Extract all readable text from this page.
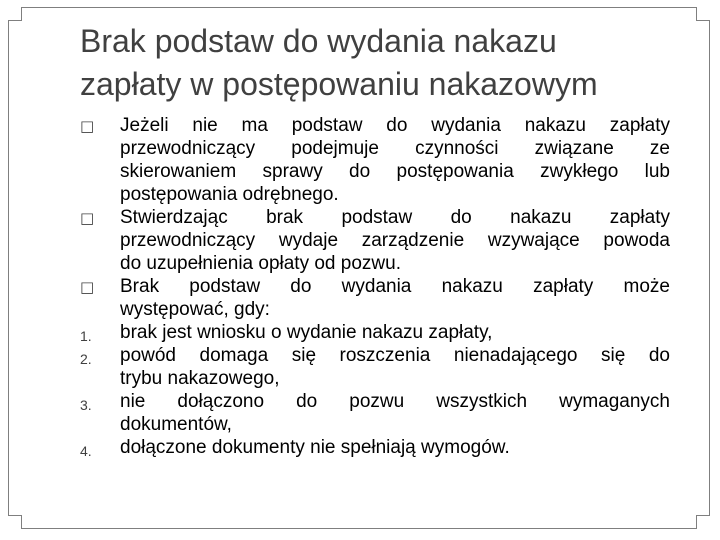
Brak podstaw do wydania nakazu
zapłaty w postępowaniu nakazowym
□	Jeżeli nie ma podstaw do wydania nakazu zapłaty
przewodniczący podejmuje czynności związane ze
skierowaniem sprawy do postępowania zwykłego lub
postępowania odrębnego.
□	Stwierdzając brak podstaw do nakazu zapłaty
przewodniczący wydaje zarządzenie wzywające powoda
do uzupełnienia opłaty od pozwu.
□	Brak podstaw do wydania nakazu zapłaty może
występować, gdy:
1.	brak jest wniosku o wydanie nakazu zapłaty,
2.	powód domaga się roszczenia nienadającego się do
trybu nakazowego,
3.	nie dołączono do pozwu wszystkich wymaganych
dokumentów,
4.	dołączone dokumenty nie spełniają wymogów.
